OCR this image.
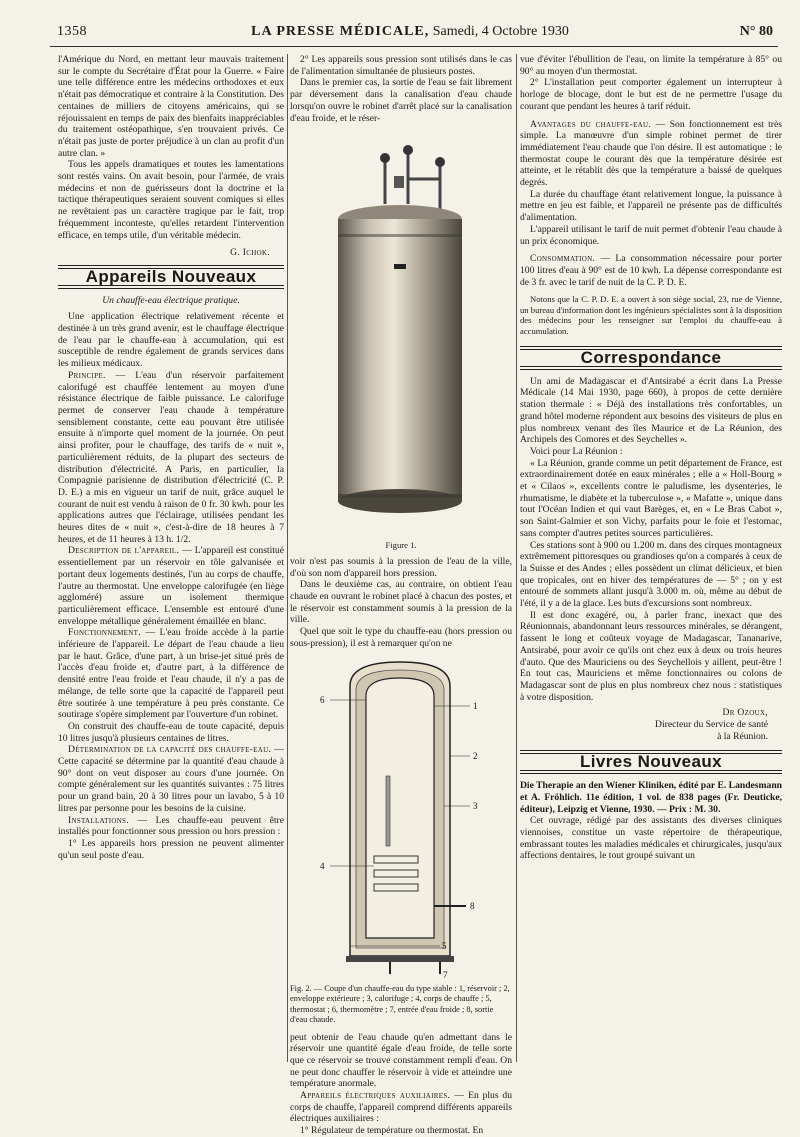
1358	LA PRESSE MÉDICALE, Samedi, 4 Octobre 1930	N° 80

l'Amérique du Nord, en mettant leur mauvais traitement sur le compte du Secrétaire d'État pour la Guerre. « Faire une telle différence entre les médecins orthodoxes et eux n'était pas démocratique et contraire à la Constitution. Des centaines de milliers de citoyens américains, qui se réjouissaient en temps de paix des bienfaits inappréciables du traitement ostéopathique, s'en trouvaient privés. Ce n'était pas juste de porter préjudice à un clan au profit d'un autre clan. »

Tous les appels dramatiques et toutes les lamentations sont restés vains. On avait besoin, pour l'armée, de vrais médecins et non de guérisseurs dont la doctrine et la tactique thérapeutiques seraient souvent comiques si elles ne revêtaient pas un caractère tragique par le fait, trop fréquemment inconteste, qu'elles retardent l'intervention efficace, en temps utile, d'un véritable médecin.

G. Ichok.
Appareils Nouveaux
Un chauffe-eau électrique pratique.

Une application électrique relativement récente et destinée à un très grand avenir, est le chauffage électrique de l'eau par le chauffe-eau à accumulation, qui est susceptible de rendre également de grands services dans les milieux médicaux.

Principe. — L'eau d'un réservoir parfaitement calorifugé est chauffée lentement au moyen d'une résistance électrique de faible puissance. Le calorifuge permet de conserver l'eau chaude à température sensiblement constante, cette eau pouvant être utilisée ensuite à n'importe quel moment de la journée. On peut ainsi profiter, pour le chauffage, des tarifs de « nuit », particulièrement réduits, de la plupart des secteurs de distribution d'électricité. A Paris, en particulier, la Compagnie parisienne de distribution d'électricité (C. P. D. E.) a mis en vigueur un tarif de nuit, grâce auquel le courant de nuit est vendu à raison de 0 fr. 30 kwh. pour les applications autres que l'éclairage, utilisées pendant les heures dites de « nuit », c'est-à-dire de 18 heures à 7 heures, et de 11 heures à 13 h. 1/2.

Description de l'appareil. — L'appareil est constitué essentiellement par un réservoir en tôle galvanisée et portant deux logements destinés, l'un au corps de chauffe, l'autre au thermostat. Une enveloppe calorifugée (en liège aggloméré) assure un isolement thermique particulièrement efficace. L'ensemble est entouré d'une enveloppe métallique généralement émaillée en blanc.

Fonctionnement. — L'eau froide accède à la partie inférieure de l'appareil. Le départ de l'eau chaude a lieu par le haut. Grâce, d'une part, à un brise-jet situé près de l'accès d'eau froide et, d'autre part, à la différence de densité entre l'eau froide et l'eau chaude, il n'y a pas de mélange, de telle sorte que la capacité de l'appareil peut être soutirée à une température à peu près constante. Ce soutirage s'opère simplement par l'ouverture d'un robinet.

On construit des chauffe-eau de toute capacité, depuis 10 litres jusqu'à plusieurs centaines de litres.

Détermination de la capacité des chauffe-eau. — Cette capacité se détermine par la quantité d'eau chaude à 90° dont on veut disposer au cours d'une journée. On compte généralement sur les quantités suivantes : 75 litres pour un grand bain, 20 à 30 litres pour un lavabo, 5 à 10 litres par personne pour les besoins de la cuisine.

Installations. — Les chauffe-eau peuvent être installés pour fonctionner sous pression ou hors pression :

1° Les appareils hors pression ne peuvent alimenter qu'un seul poste d'eau.

2° Les appareils sous pression sont utilisés dans le cas de l'alimentation simultanée de plusieurs postes.

Dans le premier cas, la sortie de l'eau se fait librement par déversement dans la canalisation d'eau chaude lorsqu'on ouvre le robinet d'arrêt placé sur la canalisation d'eau froide, et le réser-

Figure 1.

voir n'est pas soumis à la pression de l'eau de la ville, d'où son nom d'appareil hors pression.

Dans le deuxième cas, au contraire, on obtient l'eau chaude en ouvrant le robinet placé à chacun des postes, et le réservoir est constamment soumis à la pression de la ville.

Quel que soit le type du chauffe-eau (hors pression ou sous-pression), il est à remarquer qu'on ne

1
2
3
4
5
6
7
8
Fig. 2. — Coupe d'un chauffe-eau du type stable : 1, réservoir ; 2, enveloppe extérieure ; 3, calorifuge ; 4, corps de chauffe ; 5, thermostat ; 6, thermomètre ; 7, entrée d'eau froide ; 8, sortie d'eau chaude.

peut obtenir de l'eau chaude qu'en admettant dans le réservoir une quantité égale d'eau froide, de telle sorte que ce réservoir se trouve constamment rempli d'eau. On ne peut donc chauffer le réservoir à vide et atteindre une température anormale.

Appareils électriques auxiliaires. — En plus du corps de chauffe, l'appareil comprend différents appareils électriques auxiliaires :

1° Régulateur de température ou thermostat. En

vue d'éviter l'ébullition de l'eau, on limite la température à 85° ou 90° au moyen d'un thermostat.

2° L'installation peut comporter également un interrupteur à horloge de blocage, dont le but est de ne permettre l'usage du courant que pendant les heures à tarif réduit.

Avantages du chauffe-eau. — Son fonctionnement est très simple. La manœuvre d'un simple robinet permet de tirer immédiatement l'eau chaude que l'on désire. Il est automatique : le thermostat coupe le courant dès que la température désirée est atteinte, et le rétablit dès que la température a baissé de quelques degrés.

La durée du chauffage étant relativement longue, la puissance à mettre en jeu est faible, et l'appareil ne présente pas de difficultés d'alimentation.

L'appareil utilisant le tarif de nuit permet d'obtenir l'eau chaude à un prix économique.

Consommation. — La consommation nécessaire pour porter 100 litres d'eau à 90° est de 10 kwh. La dépense correspondante est de 3 fr. avec le tarif de nuit de la C. P. D. E.

Notons que la C. P. D. E. a ouvert à son siège social, 23, rue de Vienne, un bureau d'information dont les ingénieurs spécialistes sont à la disposition des médecins pour les renseigner sur l'emploi du chauffe-eau à accumulation.

Correspondance

Un ami de Madagascar et d'Antsirabé a écrit dans La Presse Médicale (14 Mai 1930, page 660), à propos de cette dernière station thermale : « Déjà des installations très confortables, un grand hôtel moderne répondent aux besoins des visiteurs de plus en plus nombreux venant des îles Maurice et de La Réunion, des Archipels des Comores et des Seychelles ».

Voici pour La Réunion :

« La Réunion, grande comme un petit département de France, est extraordinairement dotée en eaux minérales ; elle a « Holl-Bourg » et « Cilaos », excellents contre le paludisme, les dysenteries, le rhumatisme, le diabète et la tuberculose », « Mafatte », unique dans tout l'Océan Indien et qui vaut Barèges, et, en « Le Bras Cabot », son Saint-Galmier et son Vichy, parfaits pour le foie et l'estomac, sans compter d'autres petites sources particulières.

Ces stations sont à 900 ou 1.200 m. dans des cirques montagneux extrêmement pittoresques ou grandioses qu'on a comparés à ceux de la Suisse et des Andes ; elles possèdent un climat délicieux, et bien que tropicales, ont en hiver des températures de — 5° ; on y est entouré de sommets allant jusqu'à 3.000 m. où, même au début de l'été, il y a de la glace. Les buts d'excursions sont nombreux.

Il est donc exagéré, ou, à parler franc, inexact que des Réunionnais, abandonnant leurs ressources minérales, se dérangent, fassent le long et coûteux voyage de Madagascar, Tananarive, Antsirabé, pour avoir ce qu'ils ont chez eux à deux ou trois heures d'auto. Que des Mauriciens ou des Seychellois y aillent, peut-être ! En tout cas, Mauriciens et même fonctionnaires ou colons de Madagascar sont de plus en plus nombreux chez nous : statistiques à votre disposition.

Dr Ozoux,
Directeur du Service de santé
à la Réunion.
Livres Nouveaux

Die Therapie an den Wiener Kliniken, édité par E. Landesmann et A. Fröhlich. 11e édition, 1 vol. de 838 pages (Fr. Deuticke, éditeur), Leipzig et Vienne, 1930. — Prix : M. 30.

Cet ouvrage, rédigé par des assistants des diverses cliniques viennoises, constitue un vaste répertoire de thérapeutique, embrassant toutes les maladies médicales et chirurgicales, jusqu'aux affections dentaires, le tout groupé suivant un
